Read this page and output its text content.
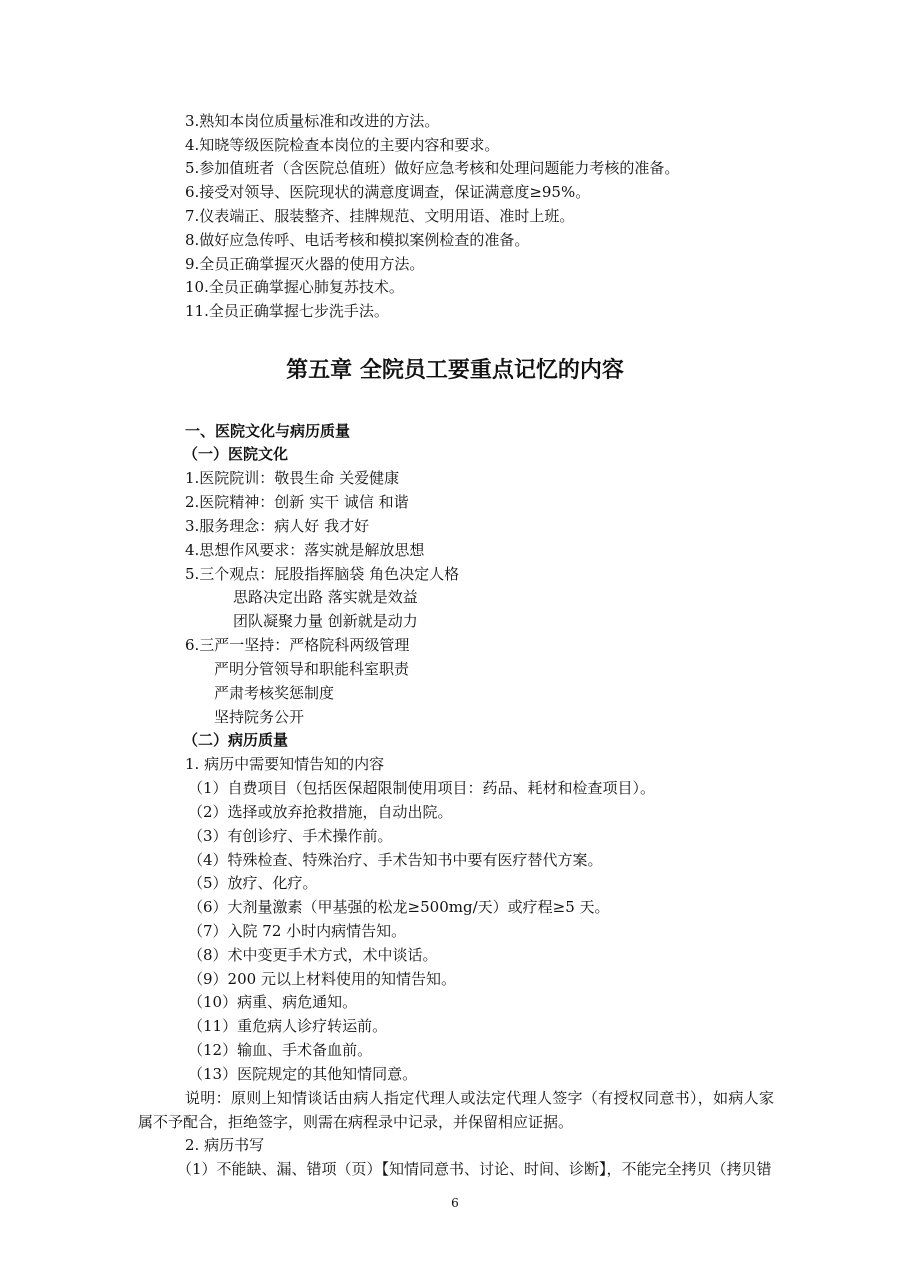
3.熟知本岗位质量标准和改进的方法。
4.知晓等级医院检查本岗位的主要内容和要求。
5.参加值班者（含医院总值班）做好应急考核和处理问题能力考核的准备。
6.接受对领导、医院现状的满意度调查，保证满意度≥95%。
7.仪表端正、服装整齐、挂牌规范、文明用语、准时上班。
8.做好应急传呼、电话考核和模拟案例检查的准备。
9.全员正确掌握灭火器的使用方法。
10.全员正确掌握心肺复苏技术。
11.全员正确掌握七步洗手法。
第五章 全院员工要重点记忆的内容
一、医院文化与病历质量
（一）医院文化
1.医院院训：敬畏生命 关爱健康
2.医院精神：创新 实干 诚信 和谐
3.服务理念：病人好 我才好
4.思想作风要求：落实就是解放思想
5.三个观点：屁股指挥脑袋 角色决定人格
思路决定出路 落实就是效益
团队凝聚力量 创新就是动力
6.三严一坚持：严格院科两级管理
严明分管领导和职能科室职责
严肃考核奖惩制度
坚持院务公开
（二）病历质量
1. 病历中需要知情告知的内容
（1）自费项目（包括医保超限制使用项目：药品、耗材和检查项目）。
（2）选择或放弃抢救措施，自动出院。
（3）有创诊疗、手术操作前。
（4）特殊检查、特殊治疗、手术告知书中要有医疗替代方案。
（5）放疗、化疗。
（6）大剂量激素（甲基强的松龙≥500mg/天）或疗程≥5 天。
（7）入院 72 小时内病情告知。
（8）术中变更手术方式，术中谈话。
（9）200 元以上材料使用的知情告知。
（10）病重、病危通知。
（11）重危病人诊疗转运前。
（12）输血、手术备血前。
（13）医院规定的其他知情同意。
说明：原则上知情谈话由病人指定代理人或法定代理人签字（有授权同意书），如病人家属不予配合，拒绝签字，则需在病程录中记录，并保留相应证据。
2. 病历书写
（1）不能缺、漏、错项（页）【知情同意书、讨论、时间、诊断】，不能完全拷贝（拷贝错
6
